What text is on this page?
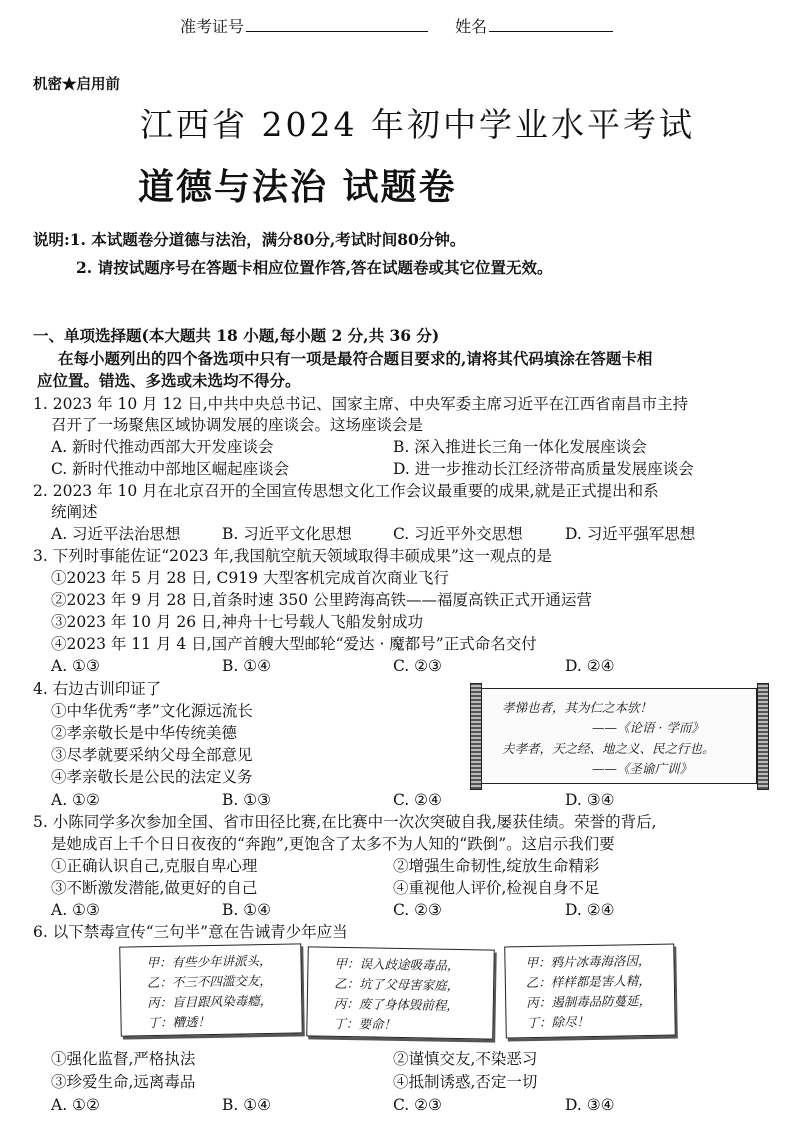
准考证号	姓名
机密★启用前
江西省 2024 年初中学业水平考试
道德与法治 试题卷
说明:1. 本试题卷分道德与法治，满分80分,考试时间80分钟。
2. 请按试题序号在答题卡相应位置作答,答在试题卷或其它位置无效。
一、单项选择题(本大题共 18 小题,每小题 2 分,共 36 分)
在每小题列出的四个备选项中只有一项是最符合题目要求的,请将其代码填涂在答题卡相
应位置。错选、多选或未选均不得分。
1. 2023 年 10 月 12 日,中共中央总书记、国家主席、中央军委主席习近平在江西省南昌市主持
召开了一场聚焦区域协调发展的座谈会。这场座谈会是
A. 新时代推动西部大开发座谈会	B. 深入推进长三角一体化发展座谈会
C. 新时代推动中部地区崛起座谈会	D. 进一步推动长江经济带高质量发展座谈会
2. 2023 年 10 月在北京召开的全国宣传思想文化工作会议最重要的成果,就是正式提出和系
统阐述
A. 习近平法治思想	B. 习近平文化思想	C. 习近平外交思想	D. 习近平强军思想
3. 下列时事能佐证“2023 年,我国航空航天领域取得丰硕成果”这一观点的是
①2023 年 5 月 28 日, C919 大型客机完成首次商业飞行
②2023 年 9 月 28 日,首条时速 350 公里跨海高铁——福厦高铁正式开通运营
③2023 年 10 月 26 日,神舟十七号载人飞船发射成功
④2023 年 11 月 4 日,国产首艘大型邮轮“爱达 · 魔都号”正式命名交付
A. ①③	B. ①④	C. ②③	D. ②④
4. 右边古训印证了
①中华优秀“孝”文化源远流长
②孝亲敬长是中华传统美德
③尽孝就要采纳父母全部意见
④孝亲敬长是公民的法定义务
A. ①②	B. ①③	C. ②④	D. ③④
孝悌也者，其为仁之本欤！
——《论语 · 学而》
夫孝者，天之经、地之义、民之行也。
——《圣谕广训》
5. 小陈同学多次参加全国、省市田径比赛,在比赛中一次次突破自我,屡获佳绩。荣誉的背后,
是她成百上千个日日夜夜的“奔跑”,更饱含了太多不为人知的“跌倒”。这启示我们要
①正确认识自己,克服自卑心理	②增强生命韧性,绽放生命精彩
③不断激发潜能,做更好的自己	④重视他人评价,检视自身不足
A. ①③	B. ①④	C. ②③	D. ②④
6. 以下禁毒宣传“三句半”意在告诫青少年应当
甲：有些少年讲派头，
乙：不三不四滥交友，
丙：盲目跟风染毒瘾，
丁：糟透！
甲：误入歧途吸毒品，
乙：坑了父母害家庭，
丙：废了身体毁前程，
丁：要命！
甲：鸦片冰毒海洛因，
乙：样样都是害人精，
丙：遏制毒品防蔓延，
丁：除尽！
①强化监督,严格执法	②谨慎交友,不染恶习
③珍爱生命,远离毒品	④抵制诱惑,否定一切
A. ①②	B. ①④	C. ②③	D. ③④
